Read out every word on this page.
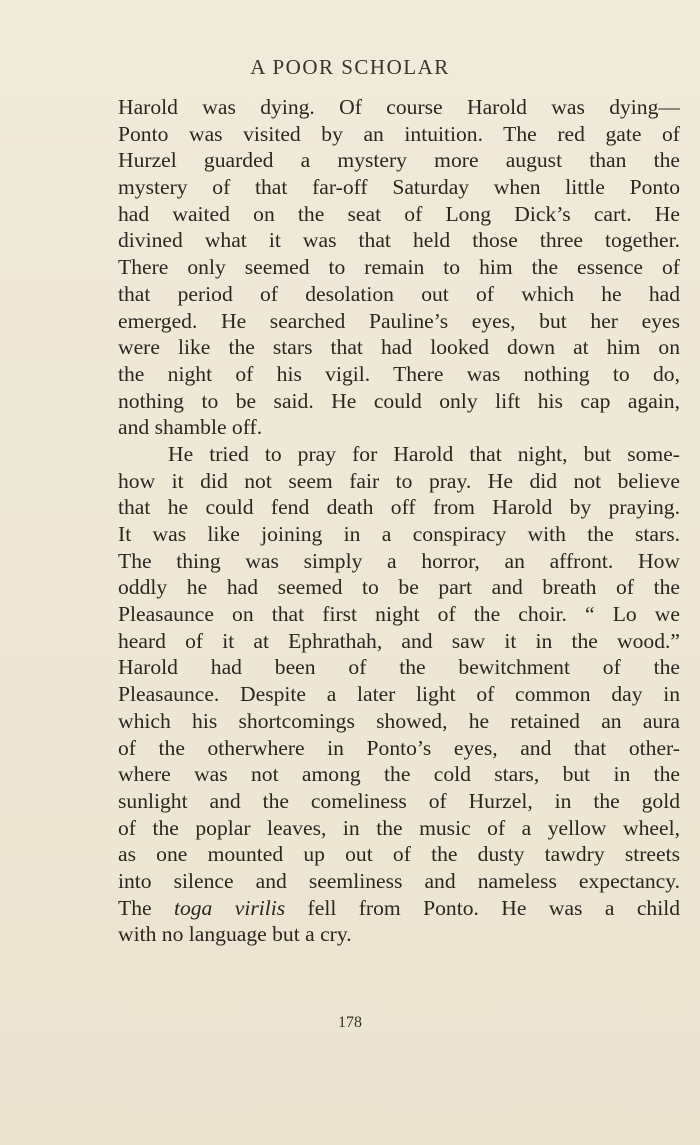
A POOR SCHOLAR
Harold was dying. Of course Harold was dying—
Ponto was visited by an intuition. The red gate of
Hurzel guarded a mystery more august than the
mystery of that far-off Saturday when little Ponto
had waited on the seat of Long Dick’s cart. He
divined what it was that held those three together.
There only seemed to remain to him the essence of
that period of desolation out of which he had
emerged. He searched Pauline’s eyes, but her eyes
were like the stars that had looked down at him on
the night of his vigil. There was nothing to do,
nothing to be said. He could only lift his cap again,
and shamble off.
He tried to pray for Harold that night, but some-
how it did not seem fair to pray. He did not believe
that he could fend death off from Harold by praying.
It was like joining in a conspiracy with the stars.
The thing was simply a horror, an affront. How
oddly he had seemed to be part and breath of the
Pleasaunce on that first night of the choir. “ Lo we
heard of it at Ephrathah, and saw it in the wood.”
Harold had been of the bewitchment of the
Pleasaunce. Despite a later light of common day in
which his shortcomings showed, he retained an aura
of the otherwhere in Ponto’s eyes, and that other-
where was not among the cold stars, but in the
sunlight and the comeliness of Hurzel, in the gold
of the poplar leaves, in the music of a yellow wheel,
as one mounted up out of the dusty tawdry streets
into silence and seemliness and nameless expectancy.
The toga virilis fell from Ponto. He was a child
with no language but a cry.
178
